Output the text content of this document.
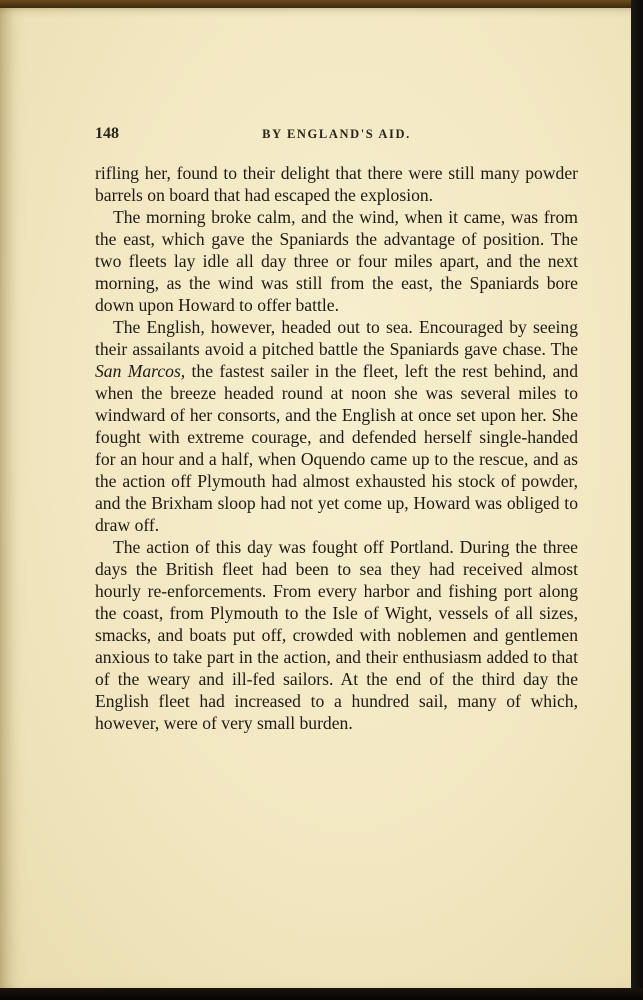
148	BY ENGLAND'S AID.

rifling her, found to their delight that there were still many powder barrels on board that had escaped the explosion.

The morning broke calm, and the wind, when it came, was from the east, which gave the Spaniards the advantage of position. The two fleets lay idle all day three or four miles apart, and the next morning, as the wind was still from the east, the Spaniards bore down upon Howard to offer battle.

The English, however, headed out to sea. Encouraged by seeing their assailants avoid a pitched battle the Spaniards gave chase. The San Marcos, the fastest sailer in the fleet, left the rest behind, and when the breeze headed round at noon she was several miles to windward of her consorts, and the English at once set upon her. She fought with extreme courage, and defended herself single-handed for an hour and a half, when Oquendo came up to the rescue, and as the action off Plymouth had almost exhausted his stock of powder, and the Brixham sloop had not yet come up, Howard was obliged to draw off.

The action of this day was fought off Portland. During the three days the British fleet had been to sea they had received almost hourly re-enforcements. From every harbor and fishing port along the coast, from Plymouth to the Isle of Wight, vessels of all sizes, smacks, and boats put off, crowded with noblemen and gentlemen anxious to take part in the action, and their enthusiasm added to that of the weary and ill-fed sailors. At the end of the third day the English fleet had increased to a hundred sail, many of which, however, were of very small burden.
